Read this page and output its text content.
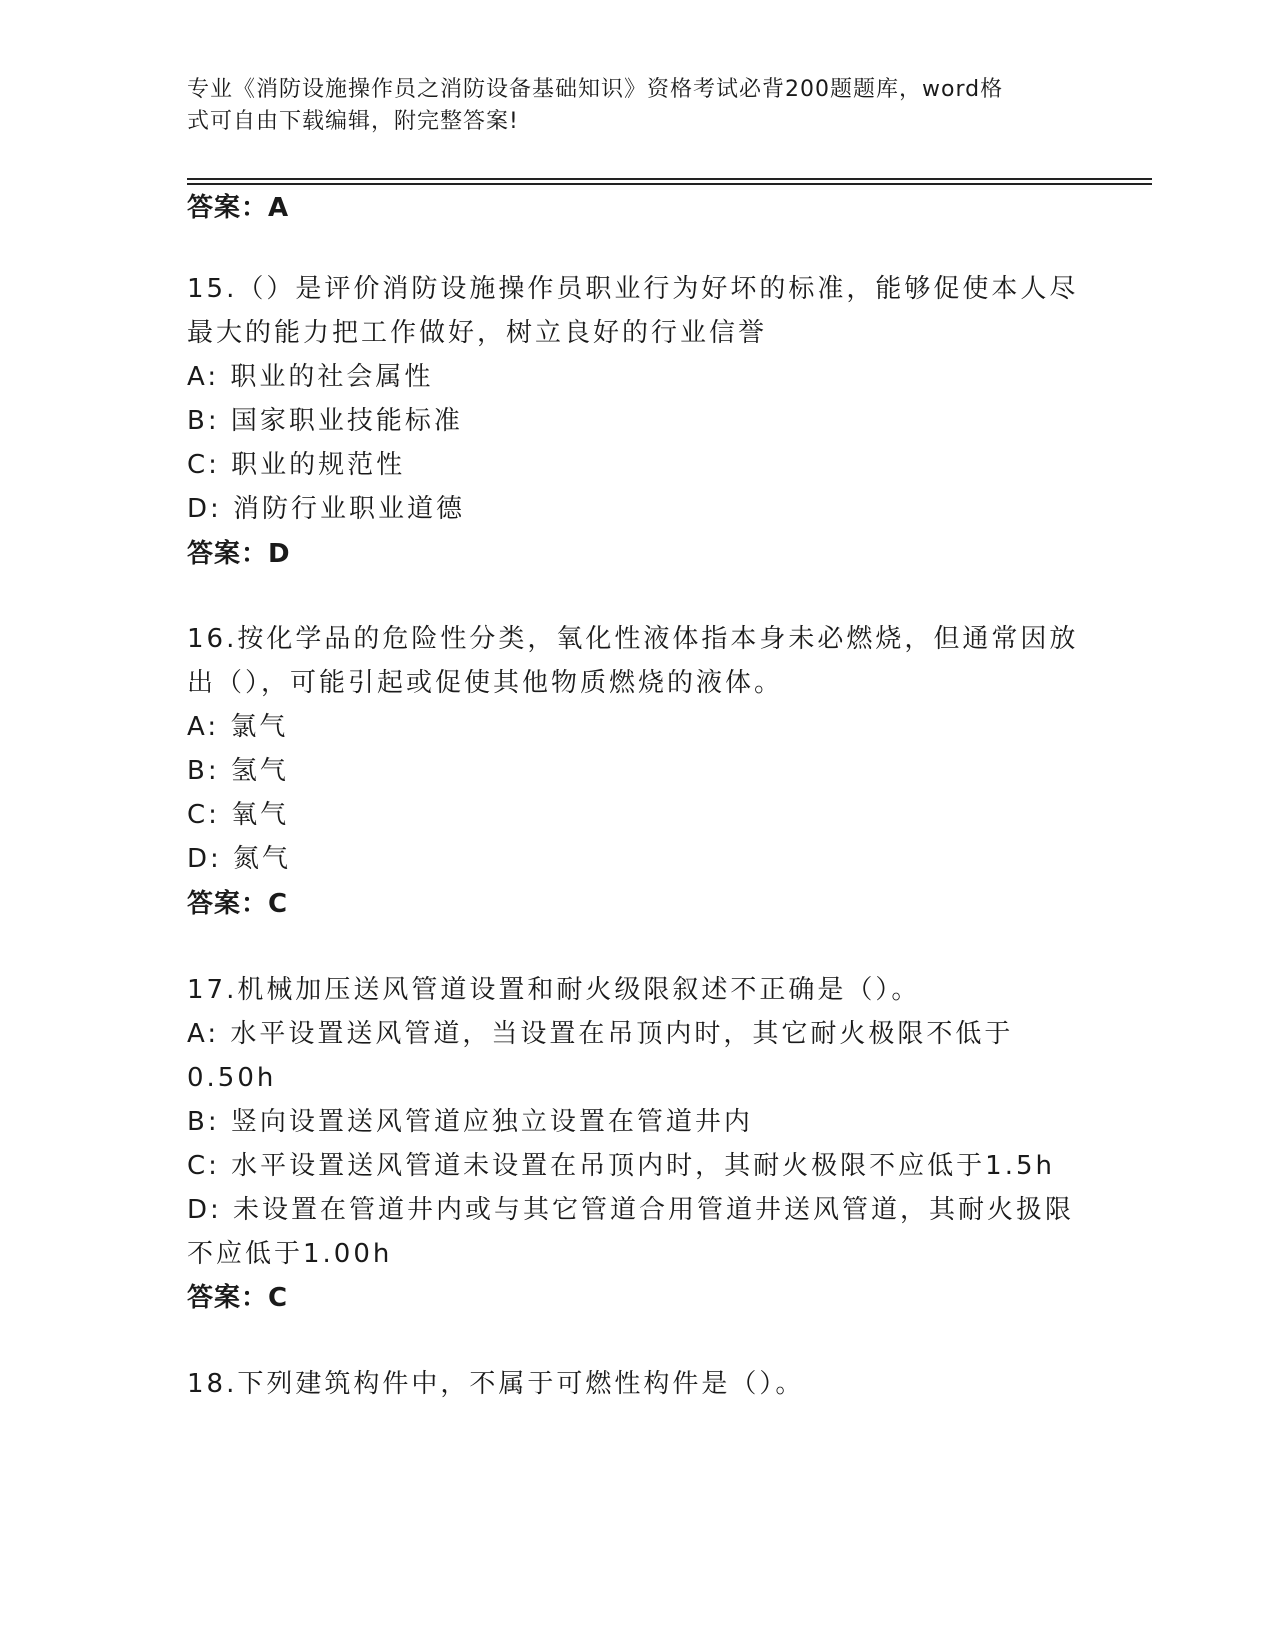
专业《消防设施操作员之消防设备基础知识》资格考试必背200题题库，word格
式可自由下载编辑，附完整答案!
答案：A
15.（）是评价消防设施操作员职业行为好坏的标准，能够促使本人尽
最大的能力把工作做好，树立良好的行业信誉
A: 职业的社会属性
B: 国家职业技能标准
C: 职业的规范性
D: 消防行业职业道德
答案：D
16.按化学品的危险性分类，氧化性液体指本身未必燃烧，但通常因放
出（），可能引起或促使其他物质燃烧的液体。
A: 氯气
B: 氢气
C: 氧气
D: 氮气
答案：C
17.机械加压送风管道设置和耐火级限叙述不正确是（）。
A: 水平设置送风管道，当设置在吊顶内时，其它耐火极限不低于
0.50h
B: 竖向设置送风管道应独立设置在管道井内
C: 水平设置送风管道未设置在吊顶内时，其耐火极限不应低于1.5h
D: 未设置在管道井内或与其它管道合用管道井送风管道，其耐火扱限
不应低于1.00h
答案：C
18.下列建筑构件中，不属于可燃性构件是（）。
